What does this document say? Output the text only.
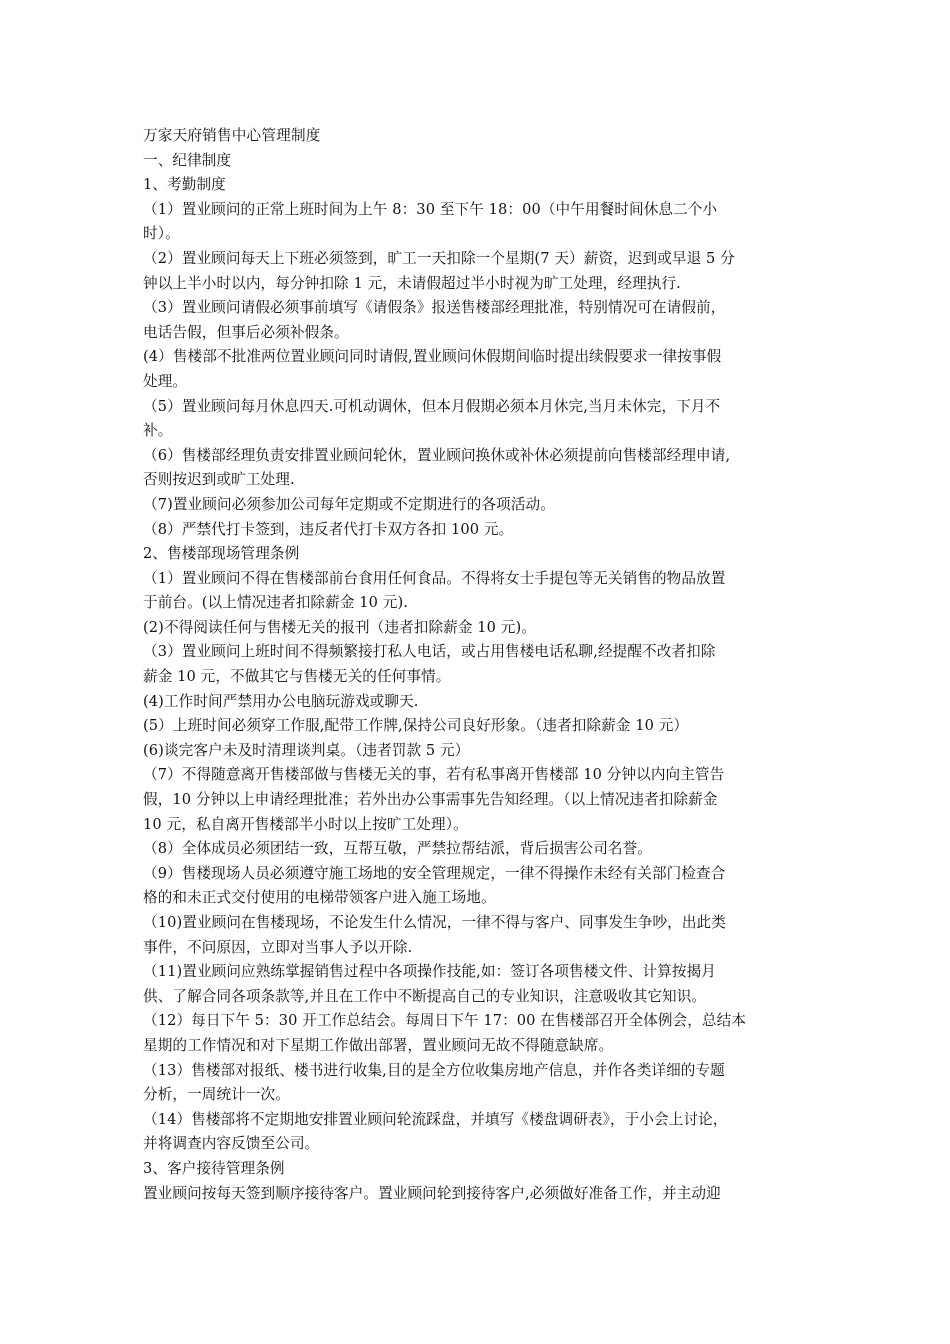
万家天府销售中心管理制度
一、纪律制度
1、考勤制度
（1）置业顾问的正常上班时间为上午 8：30 至下午 18：00（中午用餐时间休息二个小
时）。
（2）置业顾问每天上下班必须签到，旷工一天扣除一个星期(7 天）薪资，迟到或早退 5 分
钟以上半小时以内，每分钟扣除 1 元，未请假超过半小时视为旷工处理，经理执行.
（3）置业顾问请假必须事前填写《请假条》报送售楼部经理批准，特别情况可在请假前，
电话告假，但事后必须补假条。
(4）售楼部不批准两位置业顾问同时请假,置业顾问休假期间临时提出续假要求一律按事假
处理。
（5）置业顾问每月休息四天.可机动调休，但本月假期必须本月休完,当月未休完，下月不
补。
（6）售楼部经理负责安排置业顾问轮休，置业顾问换休或补休必须提前向售楼部经理申请,
否则按迟到或旷工处理.
（7)置业顾问必须参加公司每年定期或不定期进行的各项活动。
（8）严禁代打卡签到，违反者代打卡双方各扣 100 元。
2、售楼部现场管理条例
（1）置业顾问不得在售楼部前台食用任何食品。不得将女士手提包等无关销售的物品放置
于前台。(以上情况违者扣除薪金 10 元).
(2)不得阅读任何与售楼无关的报刊（违者扣除薪金 10 元)。
（3）置业顾问上班时间不得频繁接打私人电话，或占用售楼电话私聊,经提醒不改者扣除
薪金 10 元，不做其它与售楼无关的任何事情。
(4)工作时间严禁用办公电脑玩游戏或聊天.
(5）上班时间必须穿工作服,配带工作牌,保持公司良好形象。（违者扣除薪金 10 元）
(6)谈完客户未及时清理谈判桌。（违者罚款 5 元）
（7）不得随意离开售楼部做与售楼无关的事，若有私事离开售楼部 10 分钟以内向主管告
假，10 分钟以上申请经理批准；若外出办公事需事先告知经理。（以上情况违者扣除薪金
10 元，私自离开售楼部半小时以上按旷工处理）。
（8）全体成员必须团结一致，互帮互敬，严禁拉帮结派，背后损害公司名誉。
（9）售楼现场人员必须遵守施工场地的安全管理规定，一律不得操作未经有关部门检查合
格的和未正式交付使用的电梯带领客户进入施工场地。
（10)置业顾问在售楼现场，不论发生什么情况，一律不得与客户、同事发生争吵，出此类
事件，不问原因，立即对当事人予以开除.
（11)置业顾问应熟练掌握销售过程中各项操作技能,如：签订各项售楼文件、计算按揭月
供、了解合同各项条款等,并且在工作中不断提高自己的专业知识，注意吸收其它知识。
（12）每日下午 5：30 开工作总结会。每周日下午 17：00 在售楼部召开全体例会，总结本
星期的工作情况和对下星期工作做出部署，置业顾问无故不得随意缺席。
（13）售楼部对报纸、楼书进行收集,目的是全方位收集房地产信息，并作各类详细的专题
分析，一周统计一次。
（14）售楼部将不定期地安排置业顾问轮流踩盘，并填写《楼盘调研表》，于小会上讨论，
并将调查内容反馈至公司。
3、客户接待管理条例
置业顾问按每天签到顺序接待客户。置业顾问轮到接待客户,必须做好准备工作，并主动迎
